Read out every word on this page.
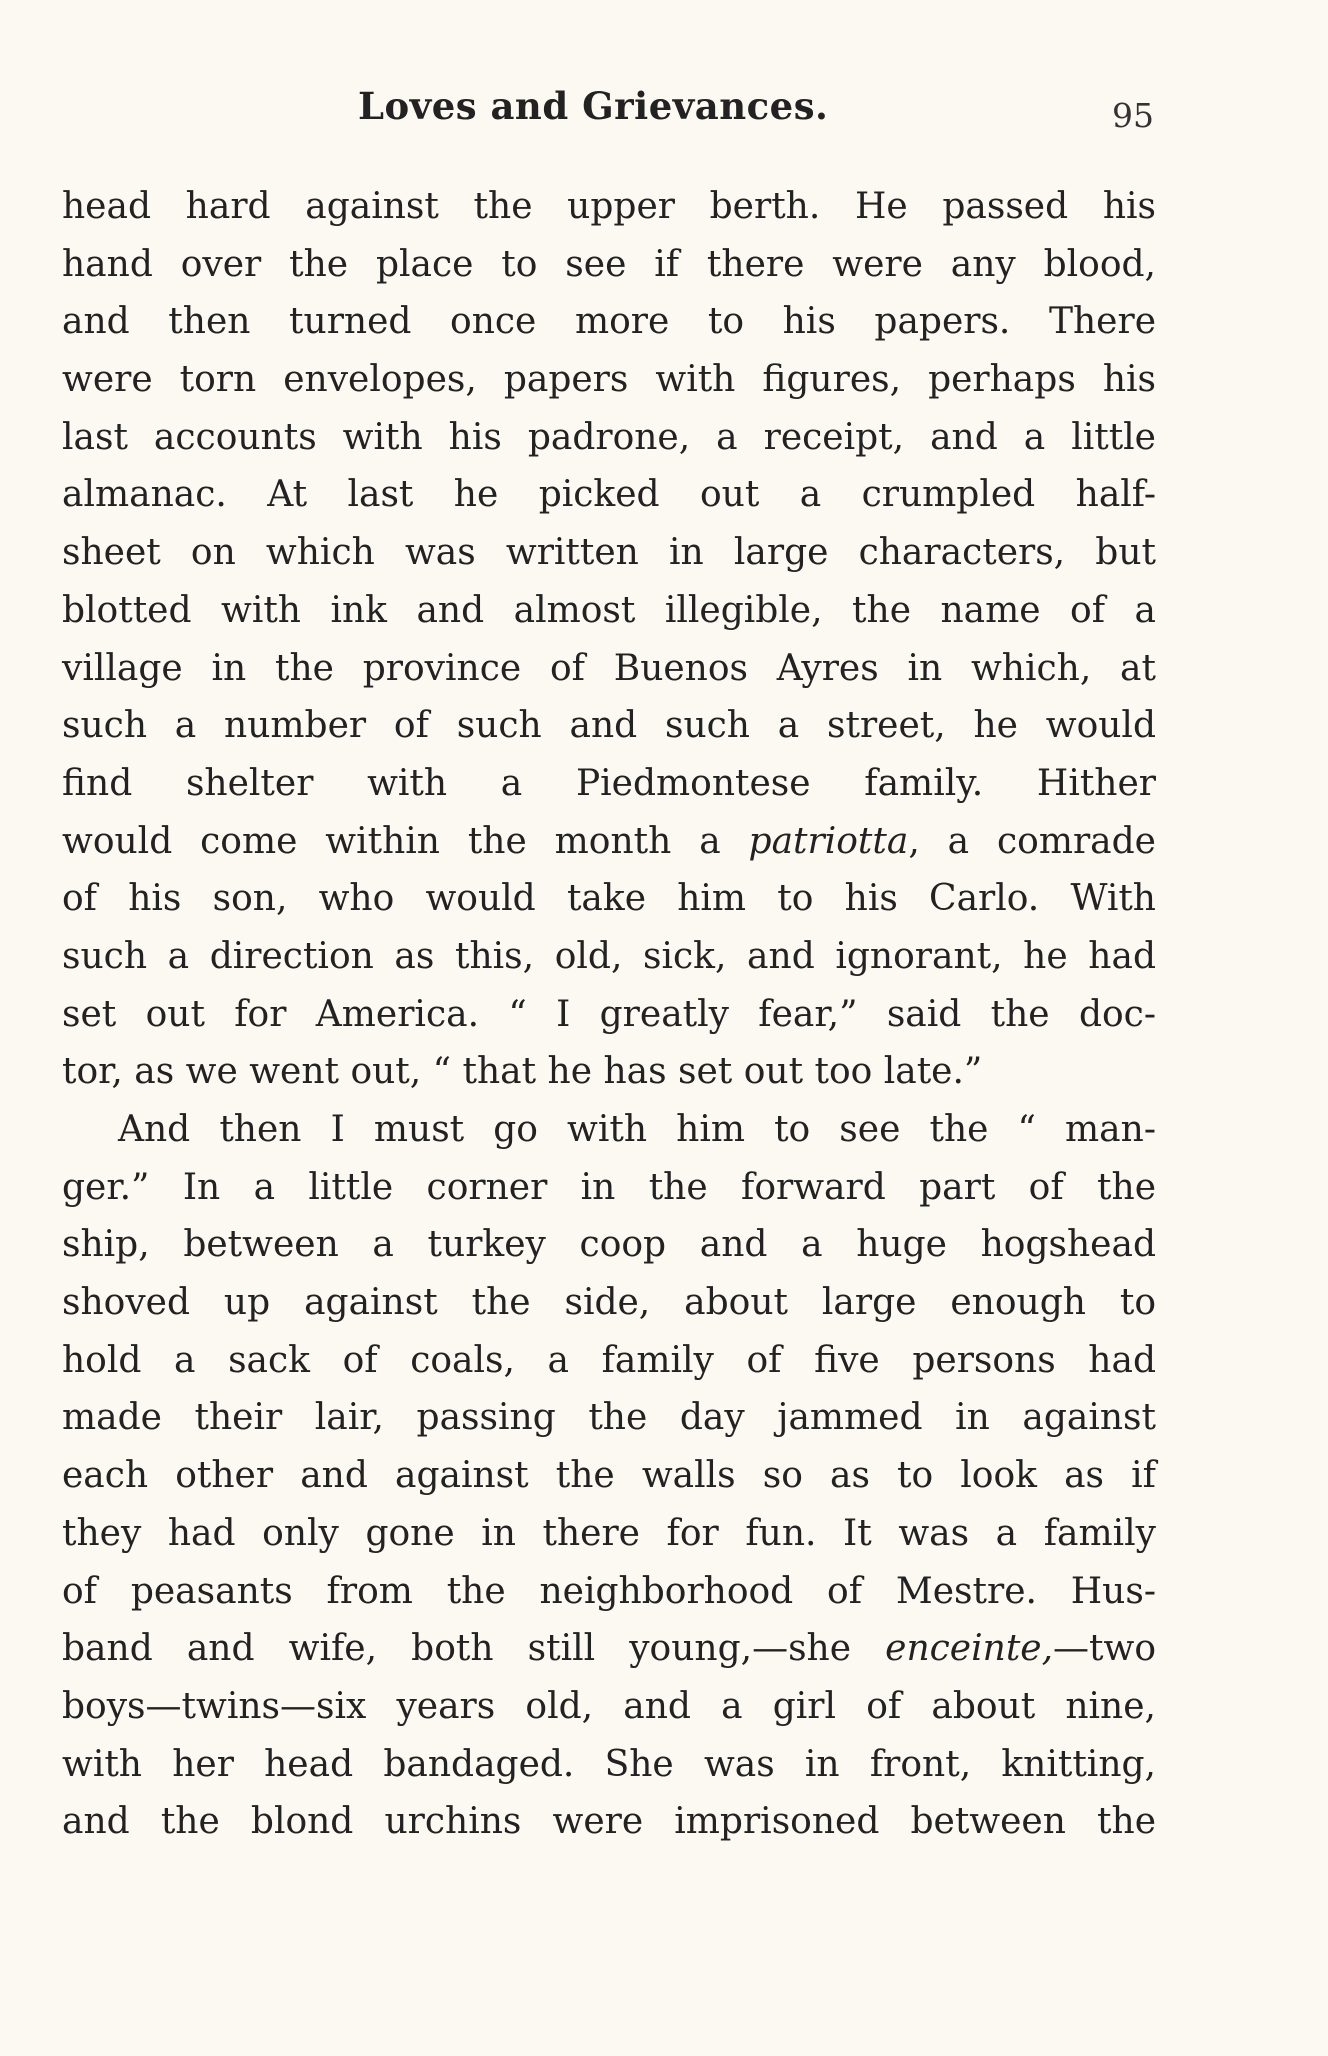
Loves and Grievances.	95
head hard against the upper berth. He passed his
hand over the place to see if there were any blood,
and then turned once more to his papers. There
were torn envelopes, papers with figures, perhaps his
last accounts with his padrone, a receipt, and a little
almanac. At last he picked out a crumpled half-
sheet on which was written in large characters, but
blotted with ink and almost illegible, the name of a
village in the province of Buenos Ayres in which, at
such a number of such and such a street, he would
find shelter with a Piedmontese family. Hither
would come within the month a patriotta, a comrade
of his son, who would take him to his Carlo. With
such a direction as this, old, sick, and ignorant, he had
set out for America. “ I greatly fear,” said the doc-
tor, as we went out, “ that he has set out too late.”
And then I must go with him to see the “ man-
ger.” In a little corner in the forward part of the
ship, between a turkey coop and a huge hogshead
shoved up against the side, about large enough to
hold a sack of coals, a family of five persons had
made their lair, passing the day jammed in against
each other and against the walls so as to look as if
they had only gone in there for fun. It was a family
of peasants from the neighborhood of Mestre. Hus-
band and wife, both still young,—she enceinte,—two
boys—twins—six years old, and a girl of about nine,
with her head bandaged. She was in front, knitting,
and the blond urchins were imprisoned between the
